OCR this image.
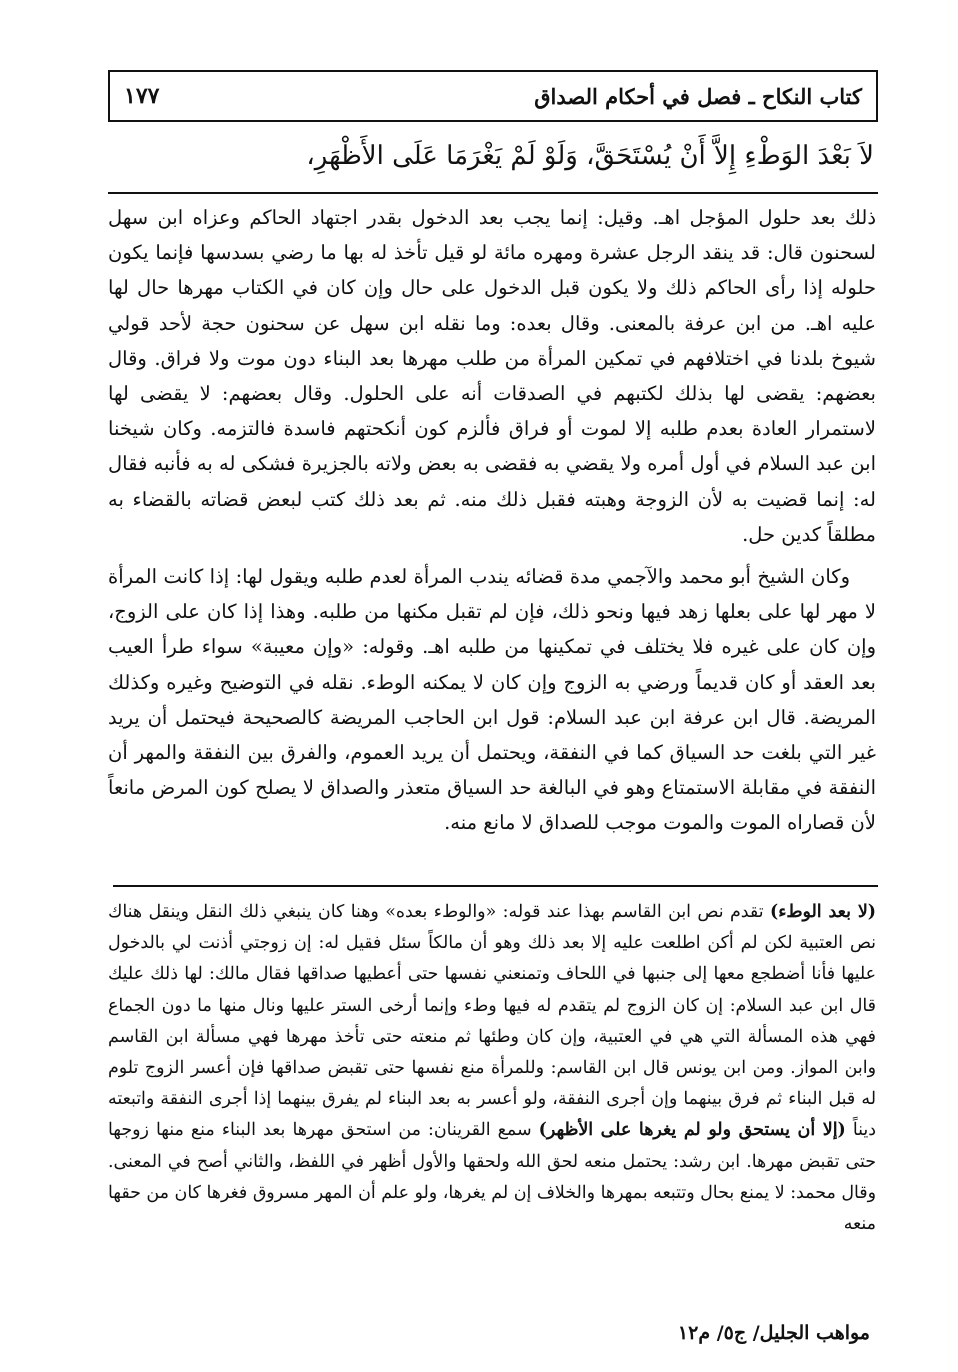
كتاب النكاح ـ فصل في أحكام الصداق
١٧٧
لاَ بَعْدَ الوَطْءِ إِلاَّ أَنْ يُسْتَحَقَّ، وَلَوْ لَمْ يَغْرَمَا عَلَى الأَظْهَرِ،

ذلك بعد حلول المؤجل اهـ. وقيل: إنما يجب بعد الدخول بقدر اجتهاد الحاكم وعزاه ابن سهل لسحنون قال: قد ينقد الرجل عشرة ومهره مائة لو قيل تأخذ له بها ما رضي بسدسها فإنما يكون حلوله إذا رأى الحاكم ذلك ولا يكون قبل الدخول على حال وإن كان في الكتاب مهرها حال لها عليه اهـ. من ابن عرفة بالمعنى. وقال بعده: وما نقله ابن سهل عن سحنون حجة لأحد قولي شيوخ بلدنا في اختلافهم في تمكين المرأة من طلب مهرها بعد البناء دون موت ولا فراق. وقال بعضهم: يقضى لها بذلك لكتبهم في الصدقات أنه على الحلول. وقال بعضهم: لا يقضى لها لاستمرار العادة بعدم طلبه إلا لموت أو فراق فألزم كون أنكحتهم فاسدة فالتزمه. وكان شيخنا ابن عبد السلام في أول أمره ولا يقضي به فقضى به بعض ولاته بالجزيرة فشكى له به فأنبه فقال له: إنما قضيت به لأن الزوجة وهبته فقبل ذلك منه. ثم بعد ذلك كتب لبعض قضاته بالقضاء به مطلقاً كدين حل.

وكان الشيخ أبو محمد والآجمي مدة قضائه يندب المرأة لعدم طلبه ويقول لها: إذا كانت المرأة لا مهر لها على بعلها زهد فيها ونحو ذلك، فإن لم تقبل مكنها من طلبه. وهذا إذا كان على الزوج، وإن كان على غيره فلا يختلف في تمكينها من طلبه اهـ. وقوله: «وإن معيبة» سواء طرأ العيب بعد العقد أو كان قديماً ورضي به الزوج وإن كان لا يمكنه الوطء. نقله في التوضيح وغيره وكذلك المريضة. قال ابن عرفة ابن عبد السلام: قول ابن الحاجب المريضة كالصحيحة فيحتمل أن يريد غير التي بلغت حد السياق كما في النفقة، ويحتمل أن يريد العموم، والفرق بين النفقة والمهر أن النفقة في مقابلة الاستمتاع وهو في البالغة حد السياق متعذر والصداق لا يصلح كون المرض مانعاً لأن قصاراه الموت والموت موجب للصداق لا مانع منه.

(لا بعد الوطء) تقدم نص ابن القاسم بهذا عند قوله: «والوطء بعده» وهنا كان ينبغي ذلك النقل وينقل هناك نص العتبية لكن لم أكن اطلعت عليه إلا بعد ذلك وهو أن مالكاً سئل فقيل له: إن زوجتي أذنت لي بالدخول عليها فأنا أضطجع معها إلى جنبها في اللحاف وتمنعني نفسها حتى أعطيها صداقها فقال مالك: لها ذلك عليك قال ابن عبد السلام: إن كان الزوج لم يتقدم له فيها وطء وإنما أرخى الستر عليها ونال منها ما دون الجماع فهي هذه المسألة التي هي في العتبية، وإن كان وطئها ثم منعته حتى تأخذ مهرها فهي مسألة ابن القاسم وابن المواز. ومن ابن يونس قال ابن القاسم: وللمرأة منع نفسها حتى تقبض صداقها فإن أعسر الزوج تلوم له قبل البناء ثم فرق بينهما وإن أجرى النفقة، ولو أعسر به بعد البناء لم يفرق بينهما إذا أجرى النفقة واتبعته ديناً (إلا أن يستحق ولو لم يغرها على الأظهر) سمع القرينان: من استحق مهرها بعد البناء منع منها زوجها حتى تقبض مهرها. ابن رشد: يحتمل منعه لحق الله ولحقها والأول أظهر في اللفظ، والثاني أصح في المعنى. وقال محمد: لا يمنع بحال وتتبعه بمهرها والخلاف إن لم يغرها، ولو علم أن المهر مسروق فغرها كان من حقها منعه

مواهب الجليل/ ج٥/ م١٢
